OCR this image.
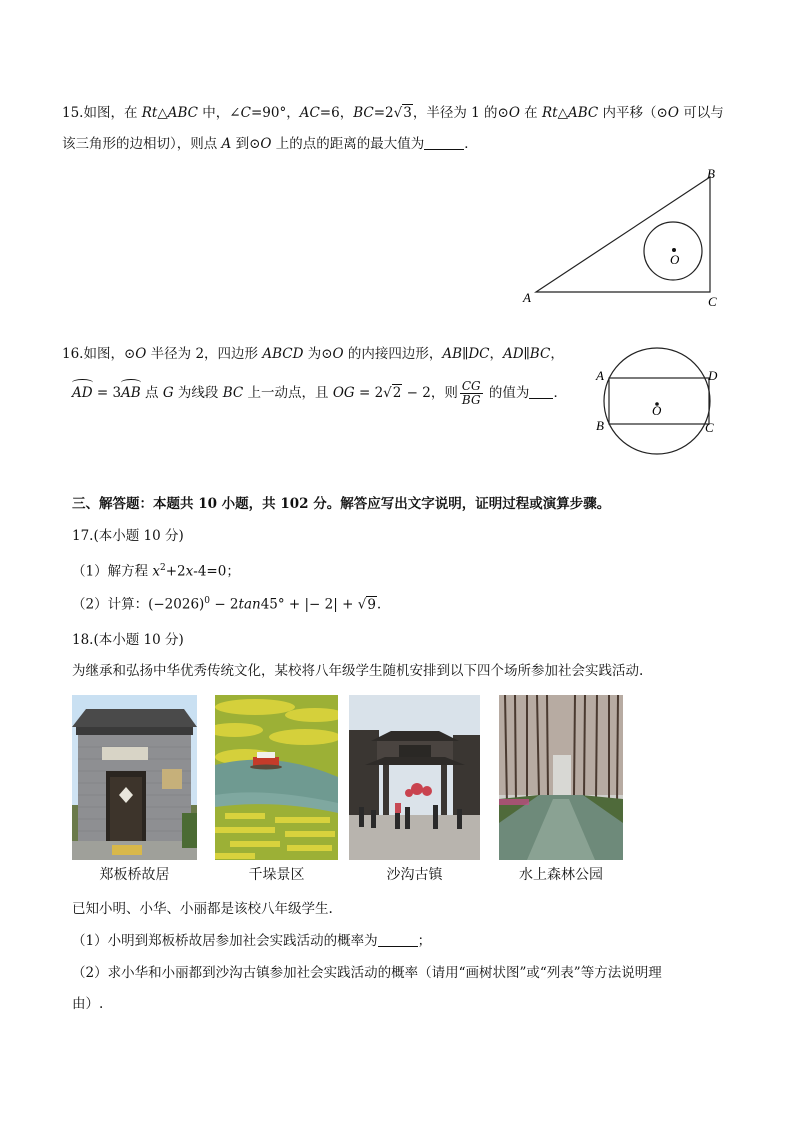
15.如图，在 Rt△ABC 中，∠C=90°，AC=6，BC=2√3，半径为 1 的⊙O 在 Rt△ABC 内平移（⊙O 可以与
该三角形的边相切），则点 A 到⊙O 上的点的距离的最大值为	．
O
A
B
C
16.如图，⊙O 半径为 2，四边形 ABCD 为⊙O 的内接四边形，AB∥DC，AD∥BC，
AD = 3AB 点 G 为线段 BC 上一动点，且 OG = 2√2 − 2，则 $\frac{CG}{BG}$ 的值为 ．
O
A	D
B	C
三、解答题：本题共 10 小题，共 102 分。解答应写出文字说明，证明过程或演算步骤。
17.(本小题 10 分)
（1）解方程 $x^2+2x-4=0$；
（2）计算：$(-2026)^0 - 2\tan 45^\circ$ + |− 2| + √9.
18.(本小题 10 分)
为继承和弘扬中华优秀传统文化，某校将八年级学生随机安排到以下四个场所参加社会实践活动.
郑板桥故居	千垛景区	沙沟古镇	水上森林公园
已知小明、小华、小丽都是该校八年级学生.
（1）小明到郑板桥故居参加社会实践活动的概率为	；
（2）求小华和小丽都到沙沟古镇参加社会实践活动的概率（请用“画树状图”或“列表”等方法说明理
由）.
